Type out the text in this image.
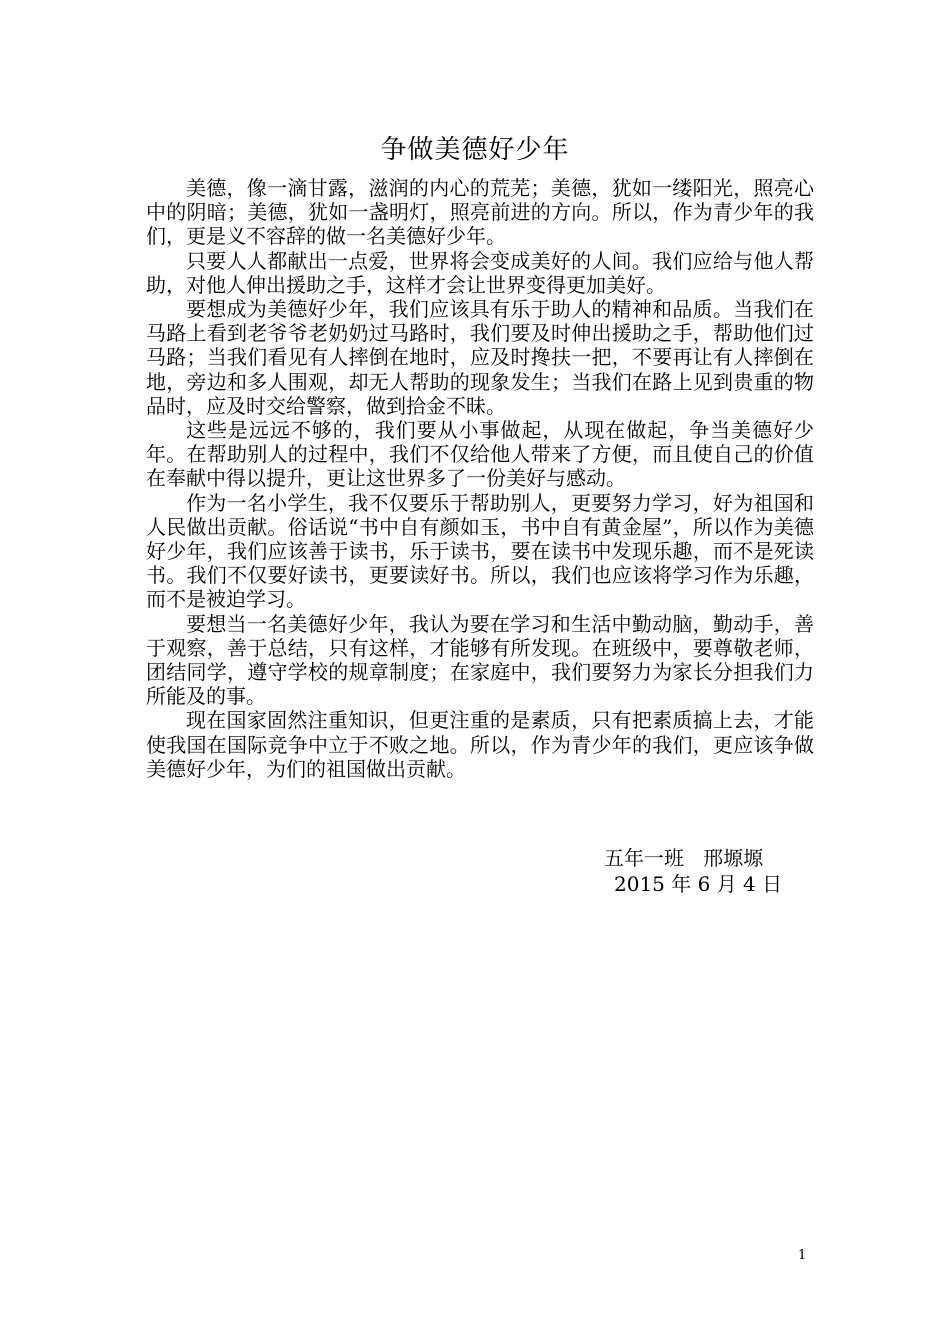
争做美德好少年

美德，像一滴甘露，滋润的内心的荒芜；美德，犹如一缕阳光，照亮心中的阴暗；美德，犹如一盏明灯，照亮前进的方向。所以，作为青少年的我们，更是义不容辞的做一名美德好少年。

只要人人都献出一点爱，世界将会变成美好的人间。我们应给与他人帮助，对他人伸出援助之手，这样才会让世界变得更加美好。

要想成为美德好少年，我们应该具有乐于助人的精神和品质。当我们在马路上看到老爷爷老奶奶过马路时，我们要及时伸出援助之手，帮助他们过马路；当我们看见有人摔倒在地时，应及时搀扶一把，不要再让有人摔倒在地，旁边和多人围观，却无人帮助的现象发生；当我们在路上见到贵重的物品时，应及时交给警察，做到拾金不昧。

这些是远远不够的，我们要从小事做起，从现在做起，争当美德好少年。在帮助别人的过程中，我们不仅给他人带来了方便，而且使自己的价值在奉献中得以提升，更让这世界多了一份美好与感动。

作为一名小学生，我不仅要乐于帮助别人，更要努力学习，好为祖国和人民做出贡献。俗话说“书中自有颜如玉，书中自有黄金屋”，所以作为美德好少年，我们应该善于读书，乐于读书，要在读书中发现乐趣，而不是死读书。我们不仅要好读书，更要读好书。所以，我们也应该将学习作为乐趣，而不是被迫学习。

要想当一名美德好少年，我认为要在学习和生活中勤动脑，勤动手，善于观察，善于总结，只有这样，才能够有所发现。在班级中，要尊敬老师，团结同学，遵守学校的规章制度；在家庭中，我们要努力为家长分担我们力所能及的事。

现在国家固然注重知识，但更注重的是素质，只有把素质搞上去，才能使我国在国际竞争中立于不败之地。所以，作为青少年的我们，更应该争做美德好少年，为们的祖国做出贡献。

五年一班   邢塬塬
2015 年 6 月 4 日
1
